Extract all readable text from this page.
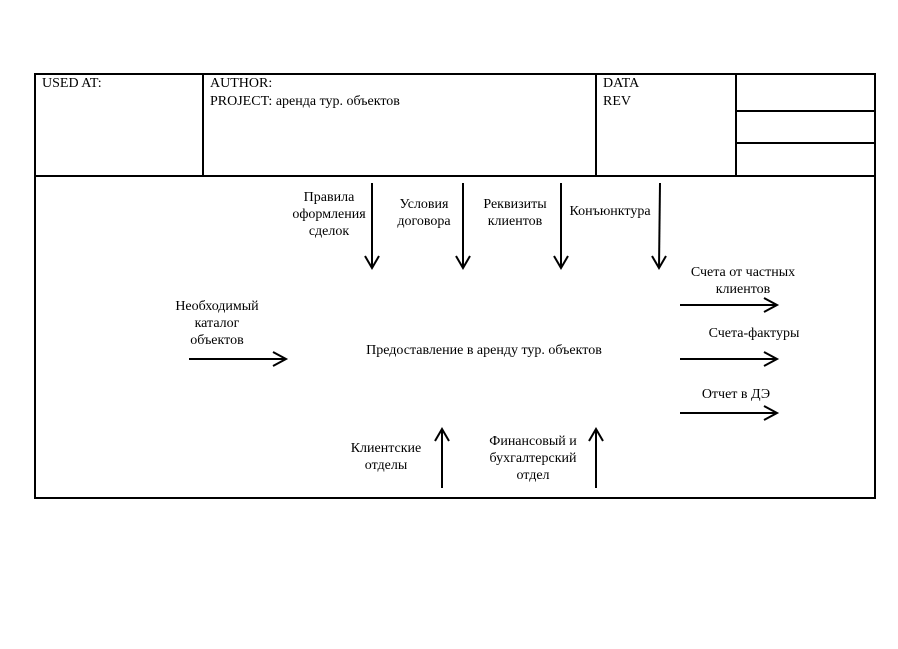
USED AT:	AUTHOR:
PROJECT: аренда тур. объектов
DATA
REV
Правила
оформления
сделок
Условия
договора
Реквизиты
клиентов
Конъюнктура
Необходимый
каталог
объектов
Предоставление в аренду тур. объектов
Счета от частных
клиентов
Счета-фактуры
Отчет в ДЭ
Клиентские
отделы
Финансовый и
бухгалтерский
отдел
